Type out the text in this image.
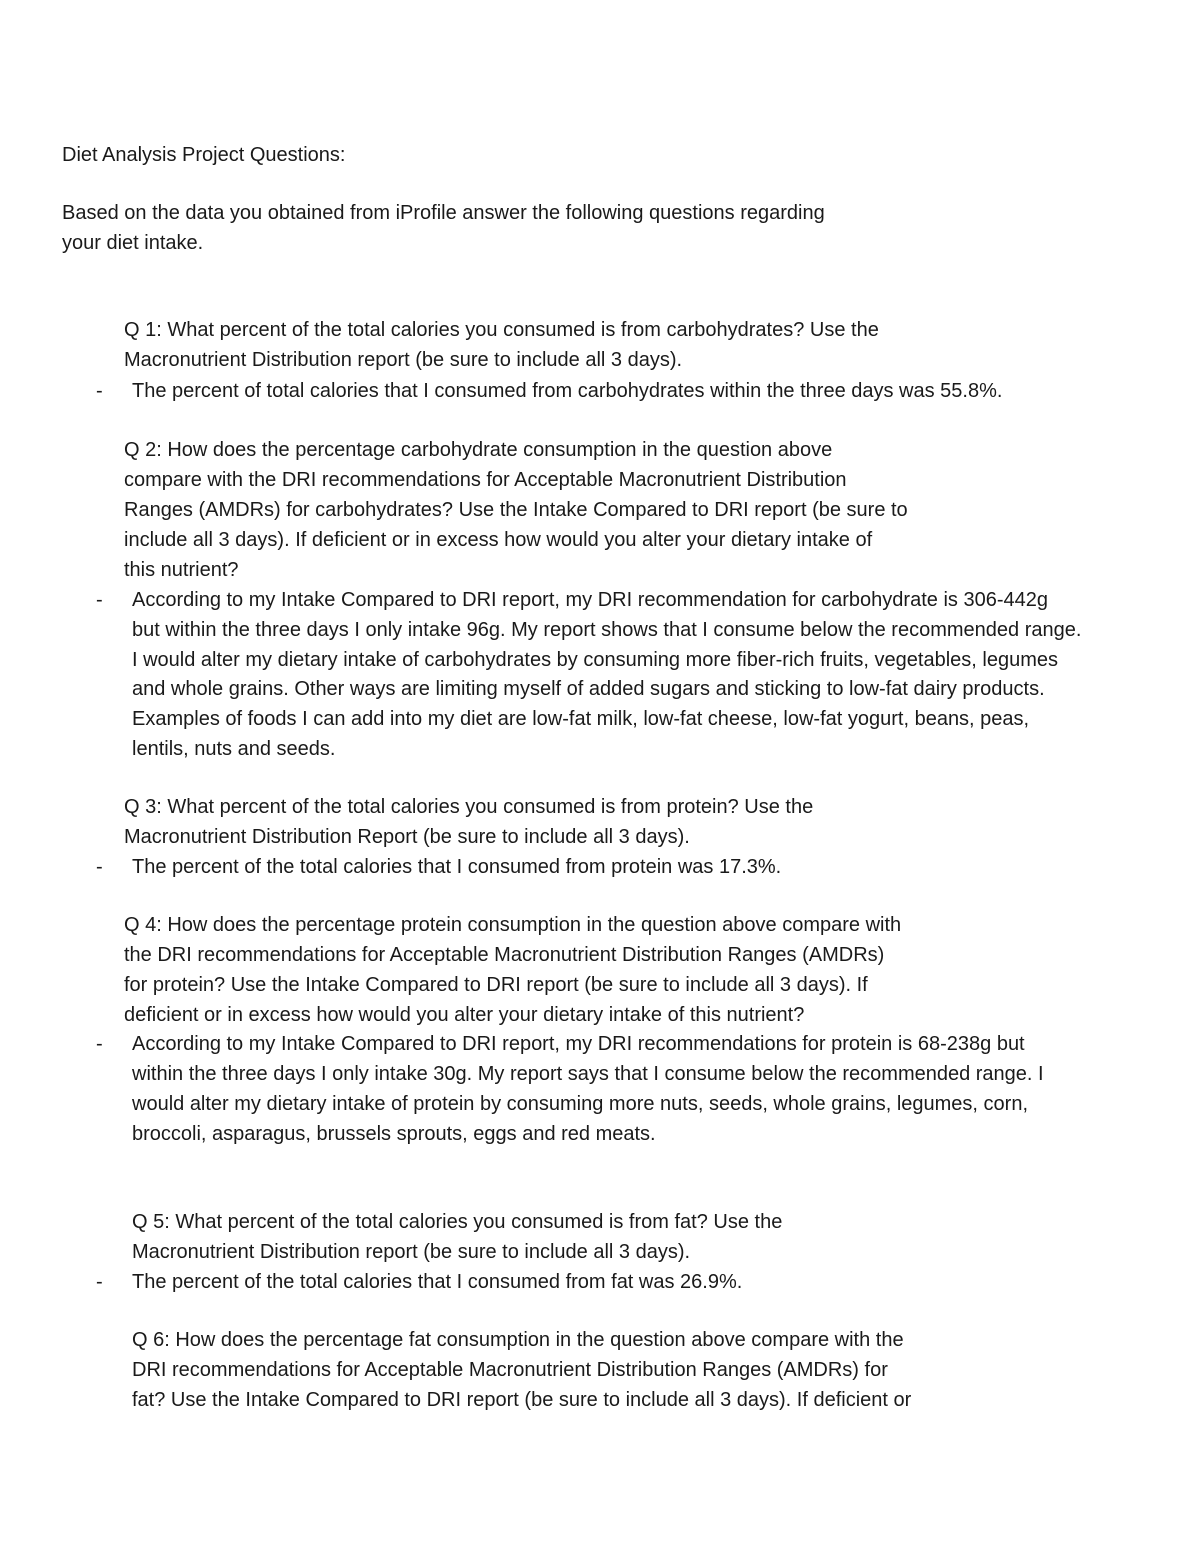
Diet Analysis Project Questions:
Based on the data you obtained from iProfile answer the following questions regarding
your diet intake.
Q 1: What percent of the total calories you consumed is from carbohydrates? Use the
Macronutrient Distribution report (be sure to include all 3 days).
- The percent of total calories that I consumed from carbohydrates within the three days was 55.8%.
Q 2: How does the percentage carbohydrate consumption in the question above
compare with the DRI recommendations for Acceptable Macronutrient Distribution
Ranges (AMDRs) for carbohydrates? Use the Intake Compared to DRI report (be sure to
include all 3 days). If deficient or in excess how would you alter your dietary intake of
this nutrient?
- According to my Intake Compared to DRI report, my DRI recommendation for carbohydrate is 306-442g
but within the three days I only intake 96g. My report shows that I consume below the recommended range.
I would alter my dietary intake of carbohydrates by consuming more fiber-rich fruits, vegetables, legumes
and whole grains. Other ways are limiting myself of added sugars and sticking to low-fat dairy products.
Examples of foods I can add into my diet are low-fat milk, low-fat cheese, low-fat yogurt, beans, peas,
lentils, nuts and seeds.
Q 3: What percent of the total calories you consumed is from protein? Use the
Macronutrient Distribution Report (be sure to include all 3 days).
- The percent of the total calories that I consumed from protein was 17.3%.
Q 4: How does the percentage protein consumption in the question above compare with
the DRI recommendations for Acceptable Macronutrient Distribution Ranges (AMDRs)
for protein? Use the Intake Compared to DRI report (be sure to include all 3 days). If
deficient or in excess how would you alter your dietary intake of this nutrient?
- According to my Intake Compared to DRI report, my DRI recommendations for protein is 68-238g but
within the three days I only intake 30g. My report says that I consume below the recommended range. I
would alter my dietary intake of protein by consuming more nuts, seeds, whole grains, legumes, corn,
broccoli, asparagus, brussels sprouts, eggs and red meats.
Q 5: What percent of the total calories you consumed is from fat? Use the
Macronutrient Distribution report (be sure to include all 3 days).
- The percent of the total calories that I consumed from fat was 26.9%.
Q 6: How does the percentage fat consumption in the question above compare with the
DRI recommendations for Acceptable Macronutrient Distribution Ranges (AMDRs) for
fat? Use the Intake Compared to DRI report (be sure to include all 3 days). If deficient or
